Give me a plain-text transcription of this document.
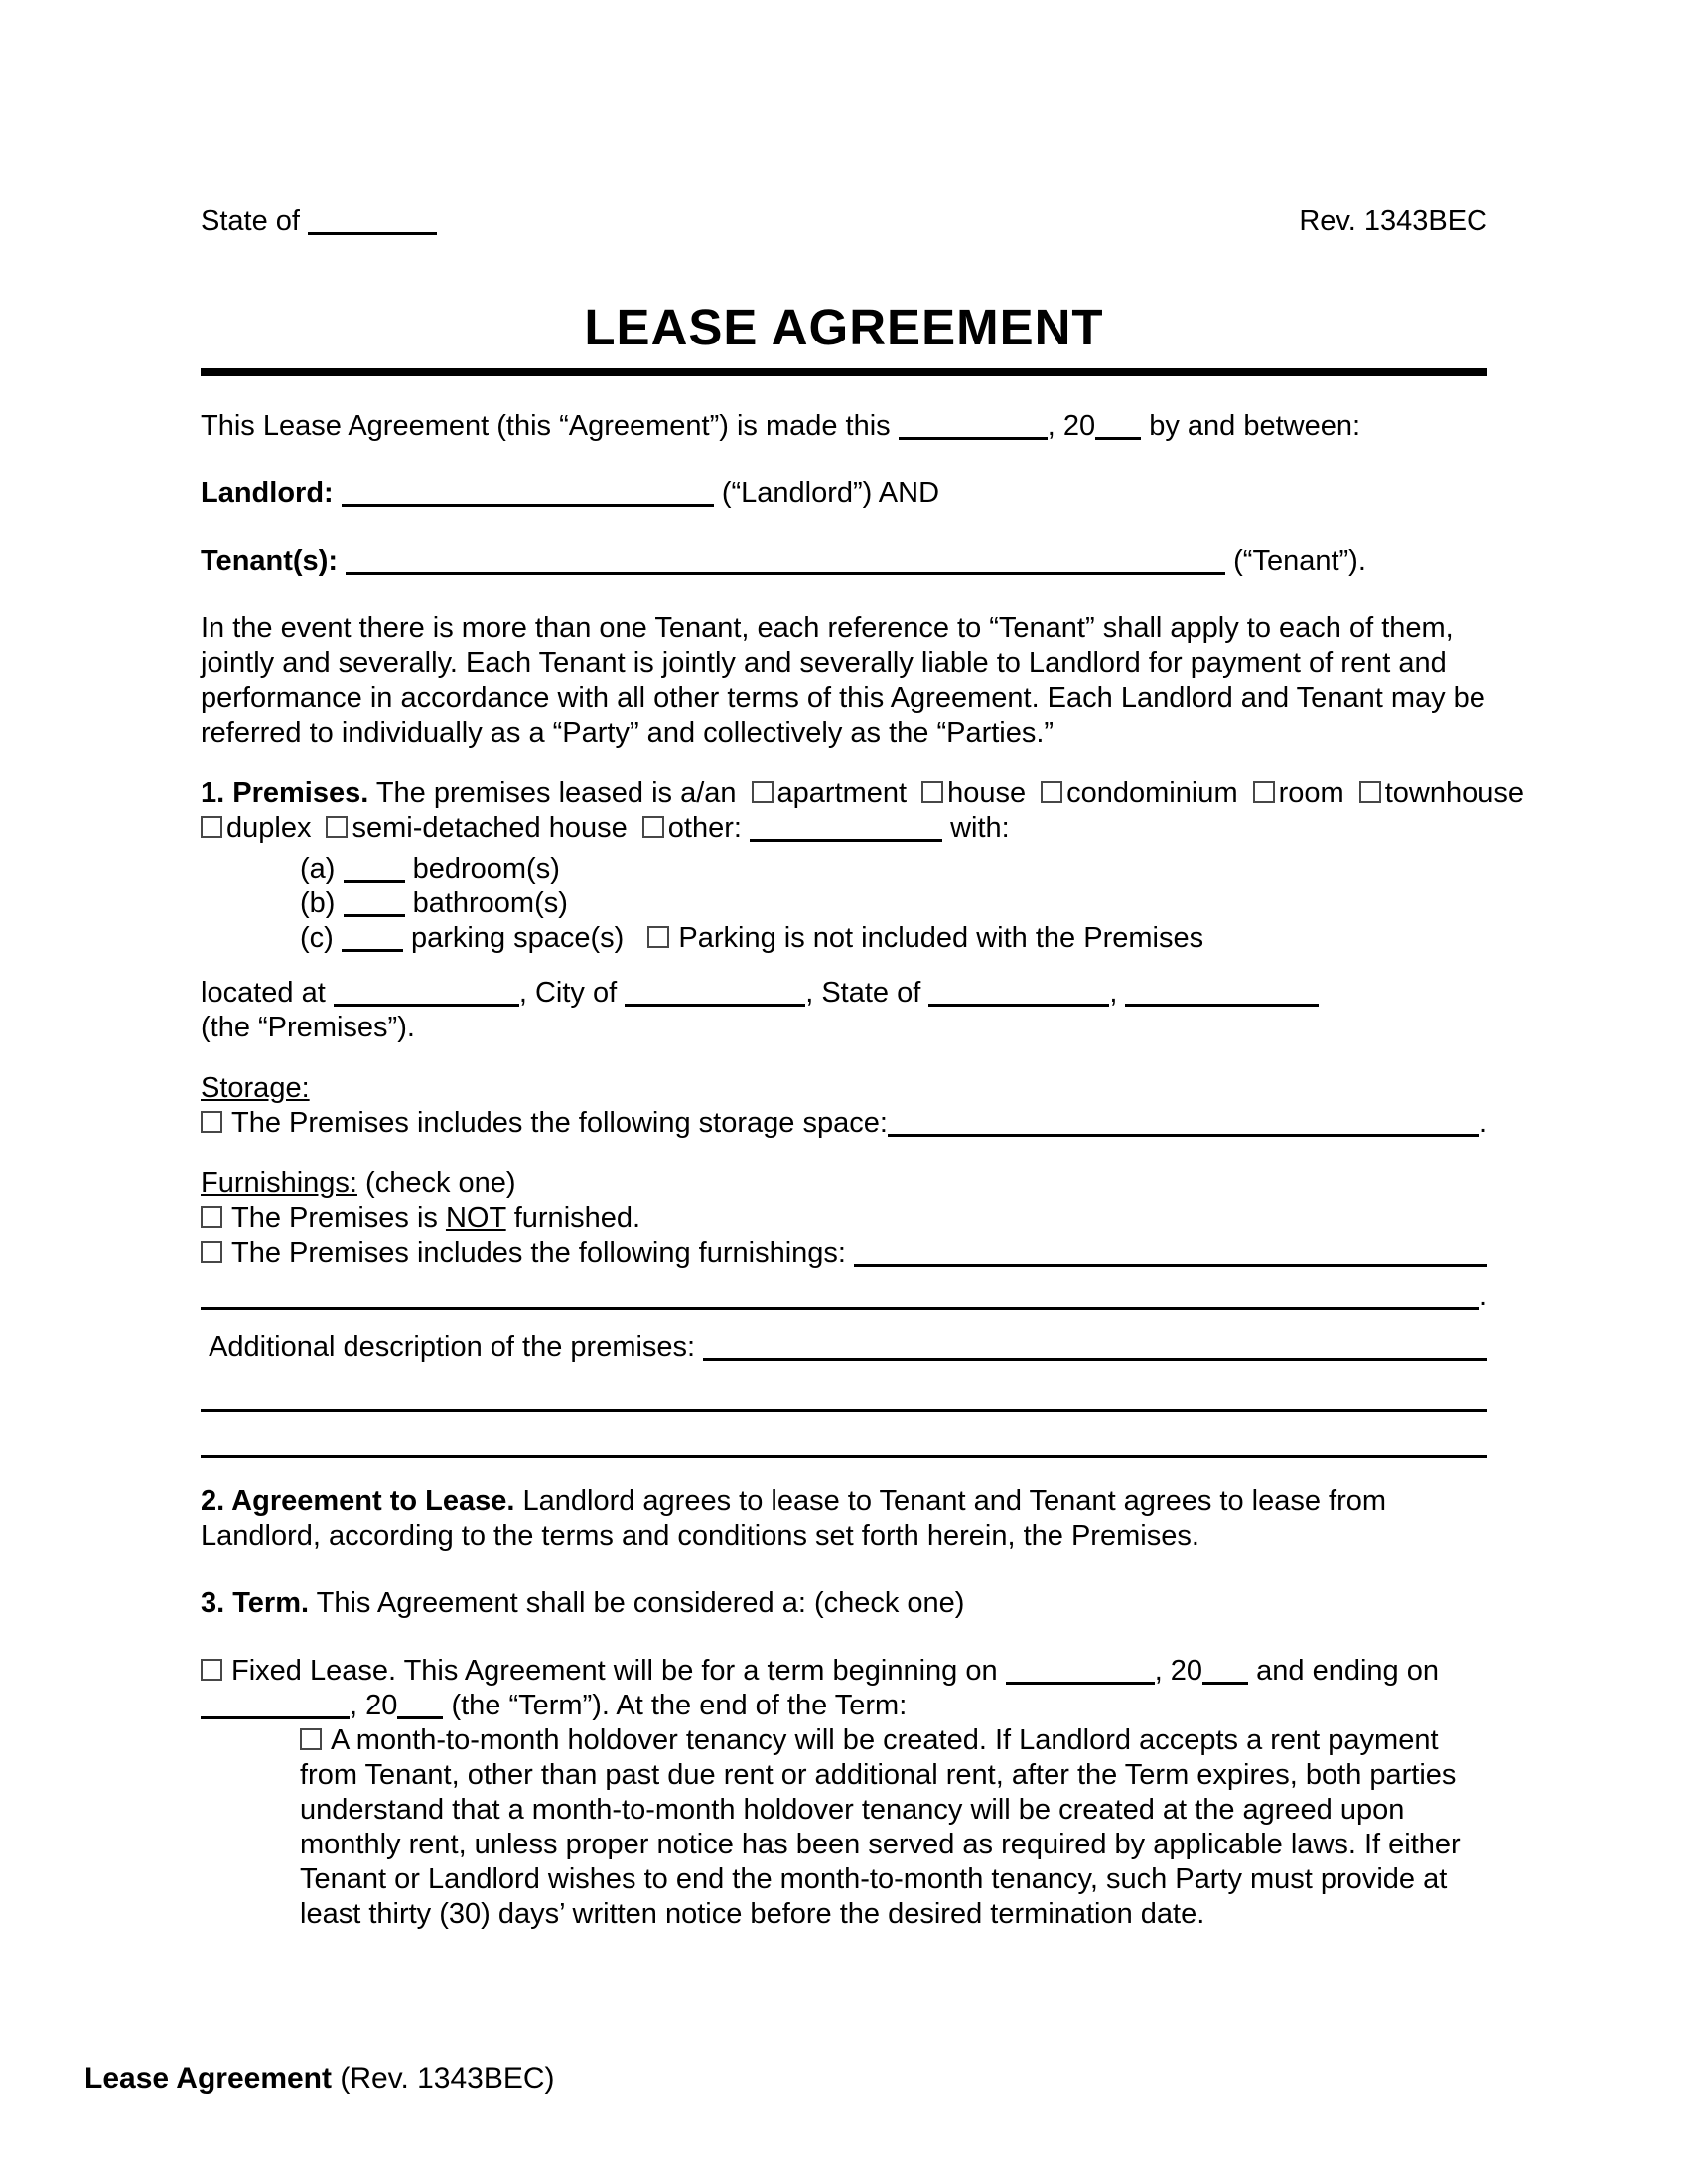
State of	Rev. 1343BEC
LEASE AGREEMENT
This Lease Agreement (this “Agreement”) is made this	, 20 by and between:
Landlord:	(“Landlord”) AND
Tenant(s):	(“Tenant”).
In the event there is more than one Tenant, each reference to “Tenant” shall apply to each of them, jointly and severally. Each Tenant is jointly and severally liable to Landlord for payment of rent and performance in accordance with all other terms of this Agreement. Each Landlord and Tenant may be referred to individually as a “Party” and collectively as the “Parties.”
1. Premises. The premises leased is a/an apartment house condominium room townhouse
duplex semi-detached house other:	with:
(a)	bedroom(s)
(b)	bathroom(s)
(c)	parking space(s) Parking is not included with the Premises
located at	, City of	, State of	,
(the “Premises”).
Storage:
The Premises includes the following storage space:	.
Furnishings: (check one)
The Premises is NOT furnished.
The Premises includes the following furnishings:
.
Additional description of the premises:
2. Agreement to Lease. Landlord agrees to lease to Tenant and Tenant agrees to lease from Landlord, according to the terms and conditions set forth herein, the Premises.
3. Term. This Agreement shall be considered a: (check one)
Fixed Lease. This Agreement will be for a term beginning on	, 20 and ending on
, 20 (the “Term”). At the end of the Term:
A month-to-month holdover tenancy will be created. If Landlord accepts a rent payment from Tenant, other than past due rent or additional rent, after the Term expires, both parties understand that a month-to-month holdover tenancy will be created at the agreed upon monthly rent, unless proper notice has been served as required by applicable laws. If either Tenant or Landlord wishes to end the month-to-month tenancy, such Party must provide at least thirty (30) days’ written notice before the desired termination date.
Lease Agreement (Rev. 1343BEC)
